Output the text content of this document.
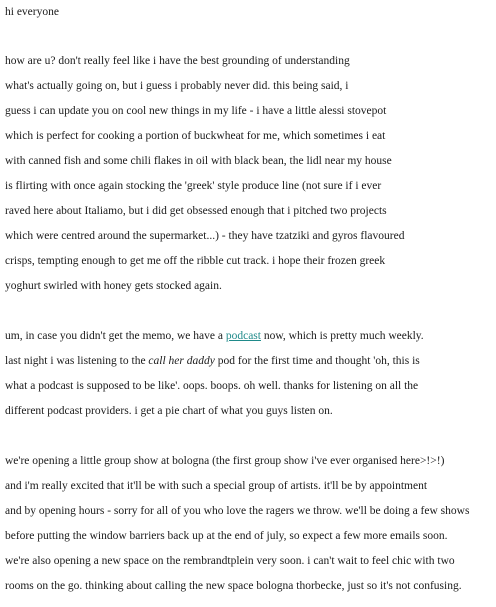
hi everyone
how are u? don't really feel like i have the best grounding of understanding
what's actually going on, but i guess i probably never did. this being said, i
guess i can update you on cool new things in my life - i have a little alessi stovepot
which is perfect for cooking a portion of buckwheat for me, which sometimes i eat
with canned fish and some chili flakes in oil with black bean, the lidl near my house
is flirting with once again stocking the 'greek' style produce line (not sure if i ever
raved here about Italiamo, but i did get obsessed enough that i pitched two projects
which were centred around the supermarket...) - they have tzatziki and gyros flavoured
crisps, tempting enough to get me off the ribble cut track. i hope their frozen greek
yoghurt swirled with honey gets stocked again.
um, in case you didn't get the memo, we have a podcast now, which is pretty much weekly.
last night i was listening to the call her daddy pod for the first time and thought 'oh, this is
what a podcast is supposed to be like'. oops. boops. oh well. thanks for listening on all the
different podcast providers. i get a pie chart of what you guys listen on.
we're opening a little group show at bologna (the first group show i've ever organised here>!>!)
and i'm really excited that it'll be with such a special group of artists. it'll be by appointment
and by opening hours - sorry for all of you who love the ragers we throw. we'll be doing a few shows
before putting the window barriers back up at the end of july, so expect a few more emails soon.
we're also opening a new space on the rembrandtplein very soon. i can't wait to feel chic with two
rooms on the go. thinking about calling the new space bologna thorbecke, just so it's not confusing.
